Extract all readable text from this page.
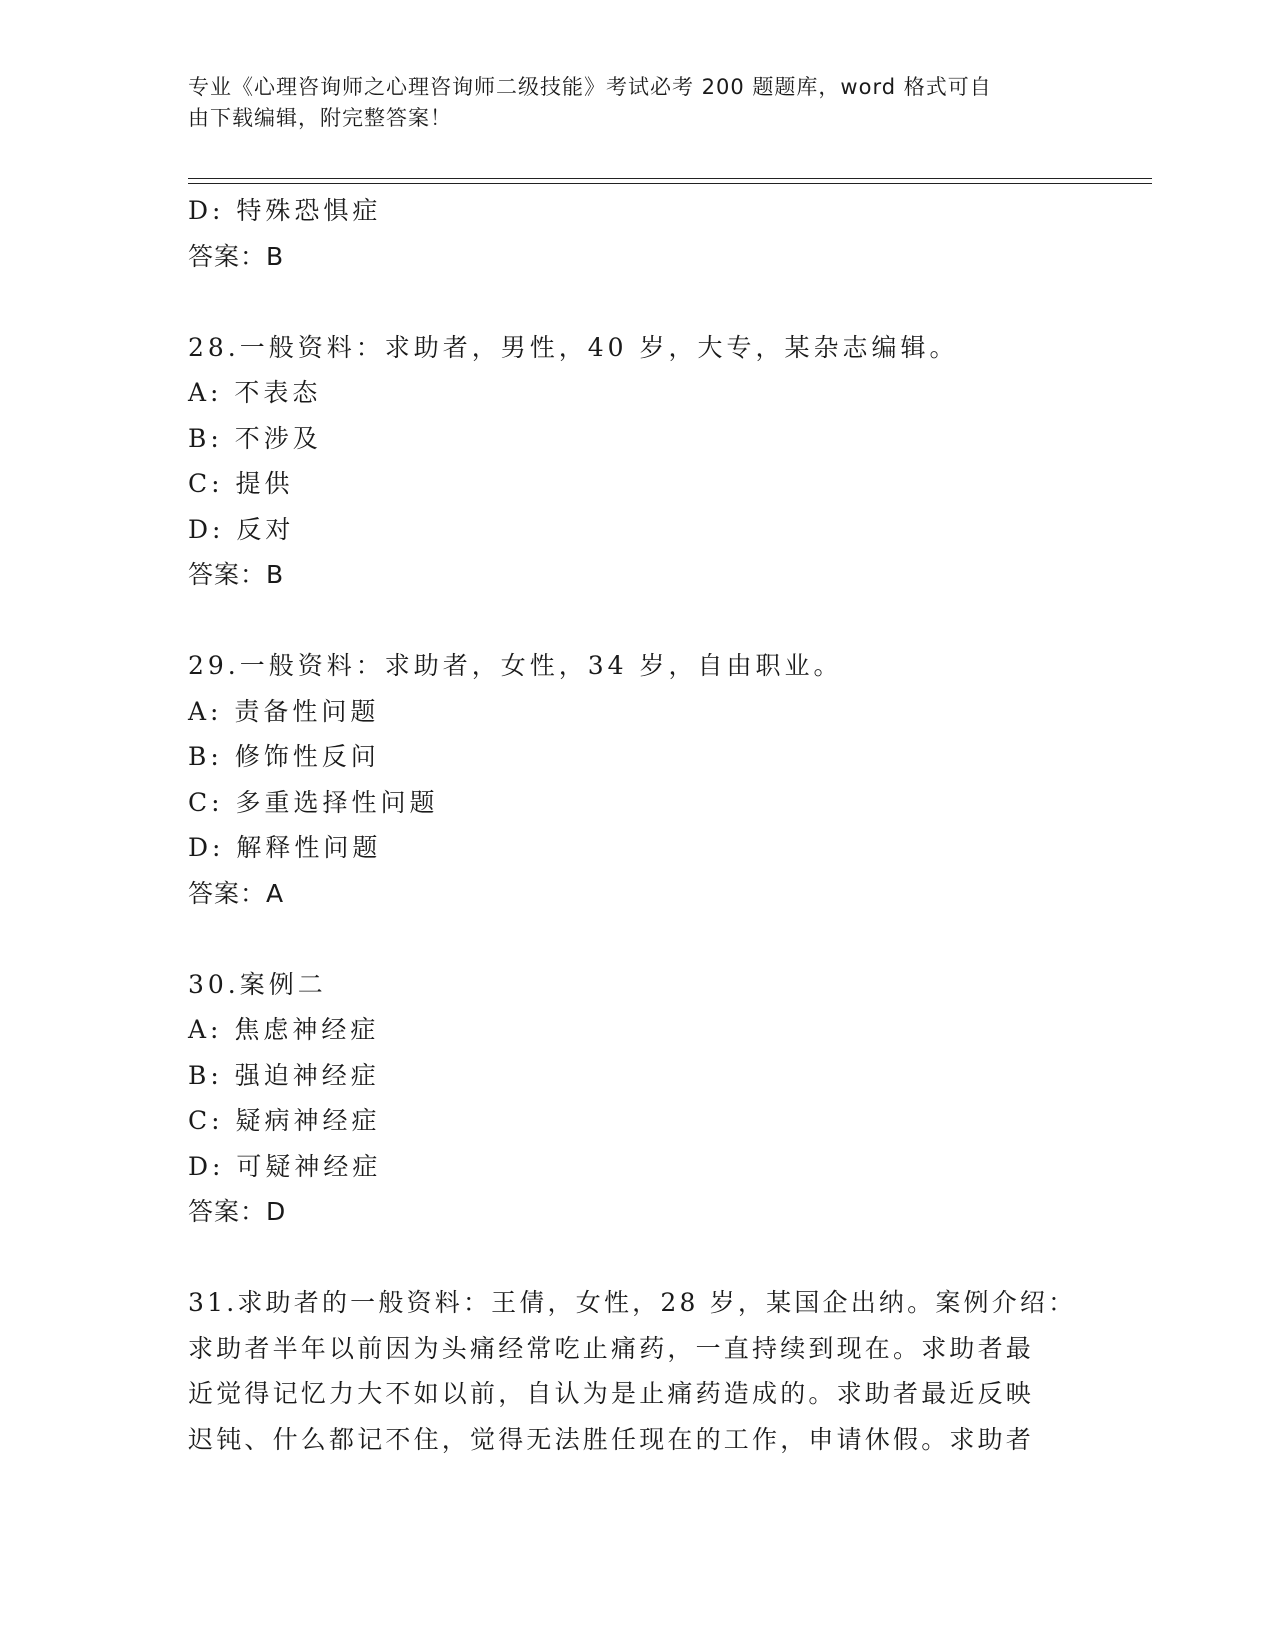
专业《心理咨询师之心理咨询师二级技能》考试必考 200 题题库，word 格式可自
由下载编辑，附完整答案！
D: 特殊恐惧症
答案：B
28.一般资料：求助者，男性，40 岁，大专，某杂志编辑。
A: 不表态
B: 不涉及
C: 提供
D: 反对
答案：B
29.一般资料：求助者，女性，34 岁，自由职业。
A: 责备性问题
B: 修饰性反问
C: 多重选择性问题
D: 解释性问题
答案：A
30.案例二
A: 焦虑神经症
B: 强迫神经症
C: 疑病神经症
D: 可疑神经症
答案：D
31.求助者的一般资料：王倩，女性，28 岁，某国企出纳。案例介绍：
求助者半年以前因为头痛经常吃止痛药，一直持续到现在。求助者最
近觉得记忆力大不如以前，自认为是止痛药造成的。求助者最近反映
迟钝、什么都记不住，觉得无法胜任现在的工作，申请休假。求助者
